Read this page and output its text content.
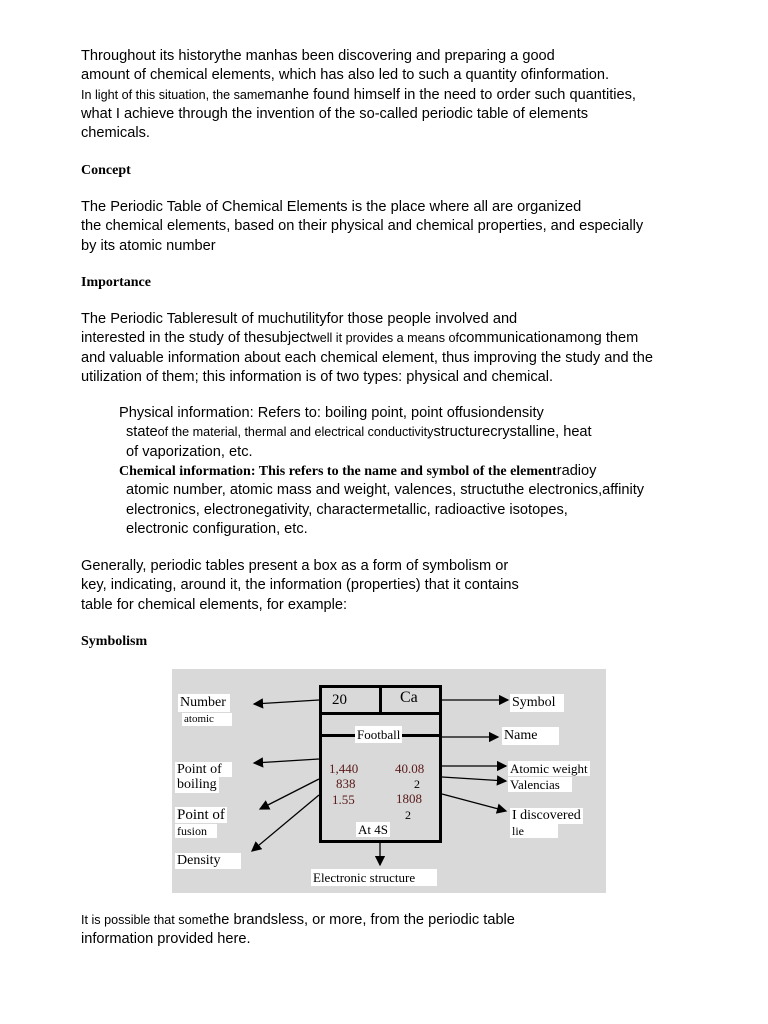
Throughout its historythe manhas been discovering and preparing a good
amount of chemical elements, which has also led to such a quantity ofinformation.
In light of this situation, the samemanhe found himself in the need to order such quantities,
what I achieve through the invention of the so-called periodic table of elements
chemicals.
Concept
The Periodic Table of Chemical Elements is the place where all are organized
the chemical elements, based on their physical and chemical properties, and especially
by its atomic number
Importance
The Periodic Tableresult of muchutilityfor those people involved and
interested in the study of thesubjectwell it provides a means ofcommunicationamong them
and valuable information about each chemical element, thus improving the study and the
utilization of them; this information is of two types: physical and chemical.
Physical information: Refers to: boiling point, point offusiondensity
stateof the material, thermal and electrical conductivitystructurecrystalline, heat
of vaporization, etc.
Chemical information: This refers to the name and symbol of the elementradioy
atomic number, atomic mass and weight, valences, structuthe electronics,affinity
electronics, electronegativity, charactermetallic, radioactive isotopes,
electronic configuration, etc.
Generally, periodic tables present a box as a form of symbolism or
key, indicating, around it, the information (properties) that it contains
table for chemical elements, for example:
Symbolism
It is possible that somethe brandsless, or more, from the periodic table
information provided here.
20	Ca
Football
1,440
838
1.55
40.08
2
1808
2
At 4S
Number
atomic
Point of
boiling
Point of
fusion
Density
Symbol
Name
Atomic weight
Valencias
I discovered
lie
Electronic structure
